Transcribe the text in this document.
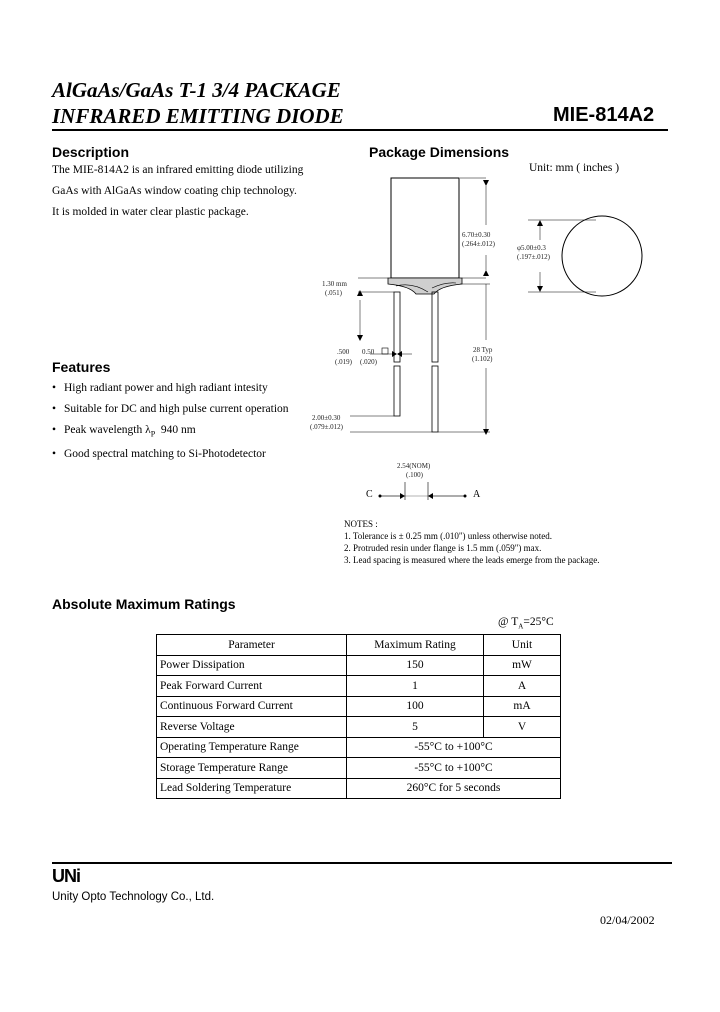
AlGaAs/GaAs T-1 3/4 PACKAGE
INFRARED EMITTING DIODE	MIE-814A2
Description
The MIE-814A2 is an infrared emitting diode utilizing
GaAs with AlGaAs window coating chip technology.
It is molded in water clear plastic package.
Features
• High radiant power and high radiant intesity
• Suitable for DC and high pulse current operation
• Peak wavelength $\lambda_P$ 940 nm
• Good spectral matching to Si-Photodetector
Package Dimensions
Unit: mm ( inches )
6.70±0.30
(.264±.012)	φ5.00±0.3
(.197±.012)
1.30 mm
(.051)
.500 0.50
(.019) (.020)
28 Typ
(1.102)
2.00±0.30
(.079±.012)
2.54(NOM)
(.100)
C	A
NOTES :
1. Tolerance is ± 0.25 mm (.010") unless otherwise noted.
2. Protruded resin under flange is 1.5 mm (.059") max.
3. Lead spacing is measured where the leads emerge from the package.
Absolute Maximum Ratings
@ $T_A=25^\circ C$
Parameter	Maximum Rating	Unit
Power Dissipation	150	mW
Peak Forward Current	1	A
Continuous Forward Current	100	mA
Reverse Voltage	5	V
Operating Temperature Range	-55°C to +100°C	
Storage Temperature Range	-55°C to +100°C	
Lead Soldering Temperature	260°C for 5 seconds	
UNi
Unity Opto Technology Co., Ltd.
02/04/2002
